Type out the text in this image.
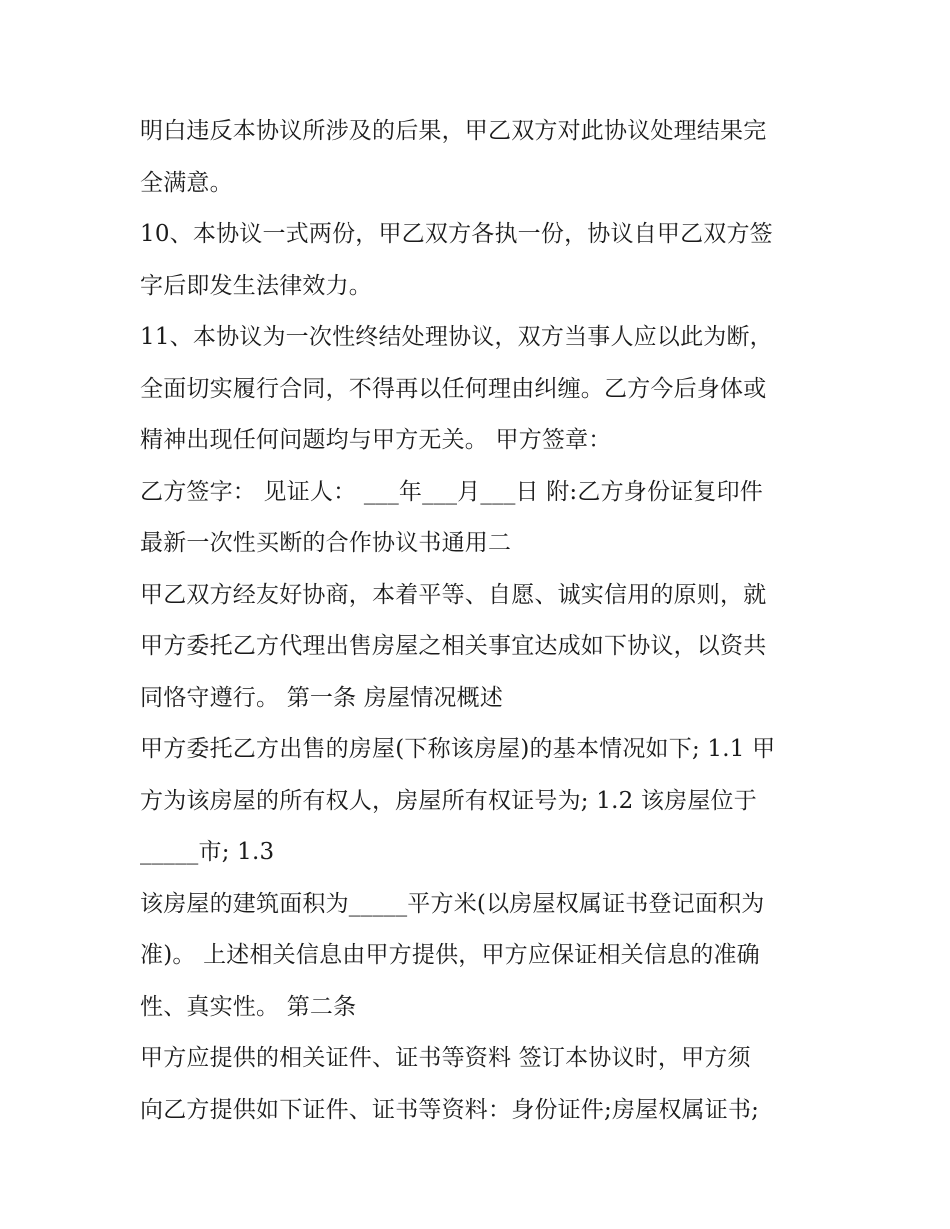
明白违反本协议所涉及的后果，甲乙双方对此协议处理结果完
全满意。
10、本协议一式两份，甲乙双方各执一份，协议自甲乙双方签
字后即发生法律效力。
11、本协议为一次性终结处理协议，双方当事人应以此为断，
全面切实履行合同，不得再以任何理由纠缠。乙方今后身体或
精神出现任何问题均与甲方无关。 甲方签章：
乙方签字： 见证人： ___年___月___日 附:乙方身份证复印件
最新一次性买断的合作协议书通用二
甲乙双方经友好协商，本着平等、自愿、诚实信用的原则，就
甲方委托乙方代理出售房屋之相关事宜达成如下协议，以资共
同恪守遵行。 第一条 房屋情况概述
甲方委托乙方出售的房屋(下称该房屋)的基本情况如下; 1.1 甲
方为该房屋的所有权人，房屋所有权证号为; 1.2 该房屋位于
_____市; 1.3
该房屋的建筑面积为_____平方米(以房屋权属证书登记面积为
准)。 上述相关信息由甲方提供，甲方应保证相关信息的准确
性、真实性。 第二条
甲方应提供的相关证件、证书等资料 签订本协议时，甲方须
向乙方提供如下证件、证书等资料：身份证件;房屋权属证书;
